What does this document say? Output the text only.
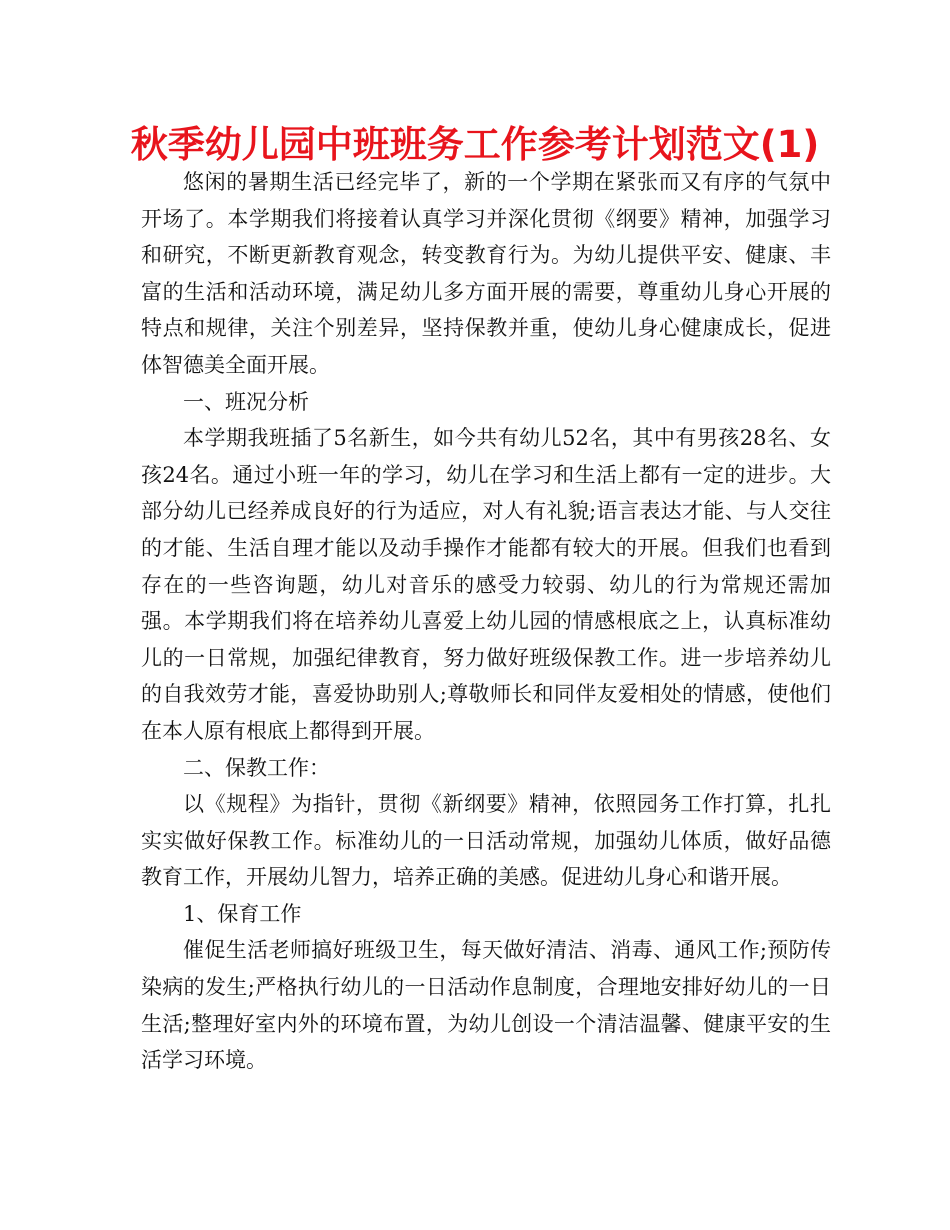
秋季幼儿园中班班务工作参考计划范文(1)

悠闲的暑期生活已经完毕了，新的一个学期在紧张而又有序的气氛中开场了。本学期我们将接着认真学习并深化贯彻《纲要》精神，加强学习和研究，不断更新教育观念，转变教育行为。为幼儿提供平安、健康、丰富的生活和活动环境，满足幼儿多方面开展的需要，尊重幼儿身心开展的特点和规律，关注个别差异，坚持保教并重，使幼儿身心健康成长，促进体智德美全面开展。

一、班况分析

本学期我班插了5名新生，如今共有幼儿52名，其中有男孩28名、女孩24名。通过小班一年的学习，幼儿在学习和生活上都有一定的进步。大部分幼儿已经养成良好的行为适应，对人有礼貌;语言表达才能、与人交往的才能、生活自理才能以及动手操作才能都有较大的开展。但我们也看到存在的一些咨询题，幼儿对音乐的感受力较弱、幼儿的行为常规还需加强。本学期我们将在培养幼儿喜爱上幼儿园的情感根底之上，认真标准幼儿的一日常规，加强纪律教育，努力做好班级保教工作。进一步培养幼儿的自我效劳才能，喜爱协助别人;尊敬师长和同伴友爱相处的情感，使他们在本人原有根底上都得到开展。

二、保教工作：

以《规程》为指针，贯彻《新纲要》精神，依照园务工作打算，扎扎实实做好保教工作。标准幼儿的一日活动常规，加强幼儿体质，做好品德教育工作，开展幼儿智力，培养正确的美感。促进幼儿身心和谐开展。

1、保育工作

催促生活老师搞好班级卫生，每天做好清洁、消毒、通风工作;预防传染病的发生;严格执行幼儿的一日活动作息制度，合理地安排好幼儿的一日生活;整理好室内外的环境布置，为幼儿创设一个清洁温馨、健康平安的生活学习环境。
